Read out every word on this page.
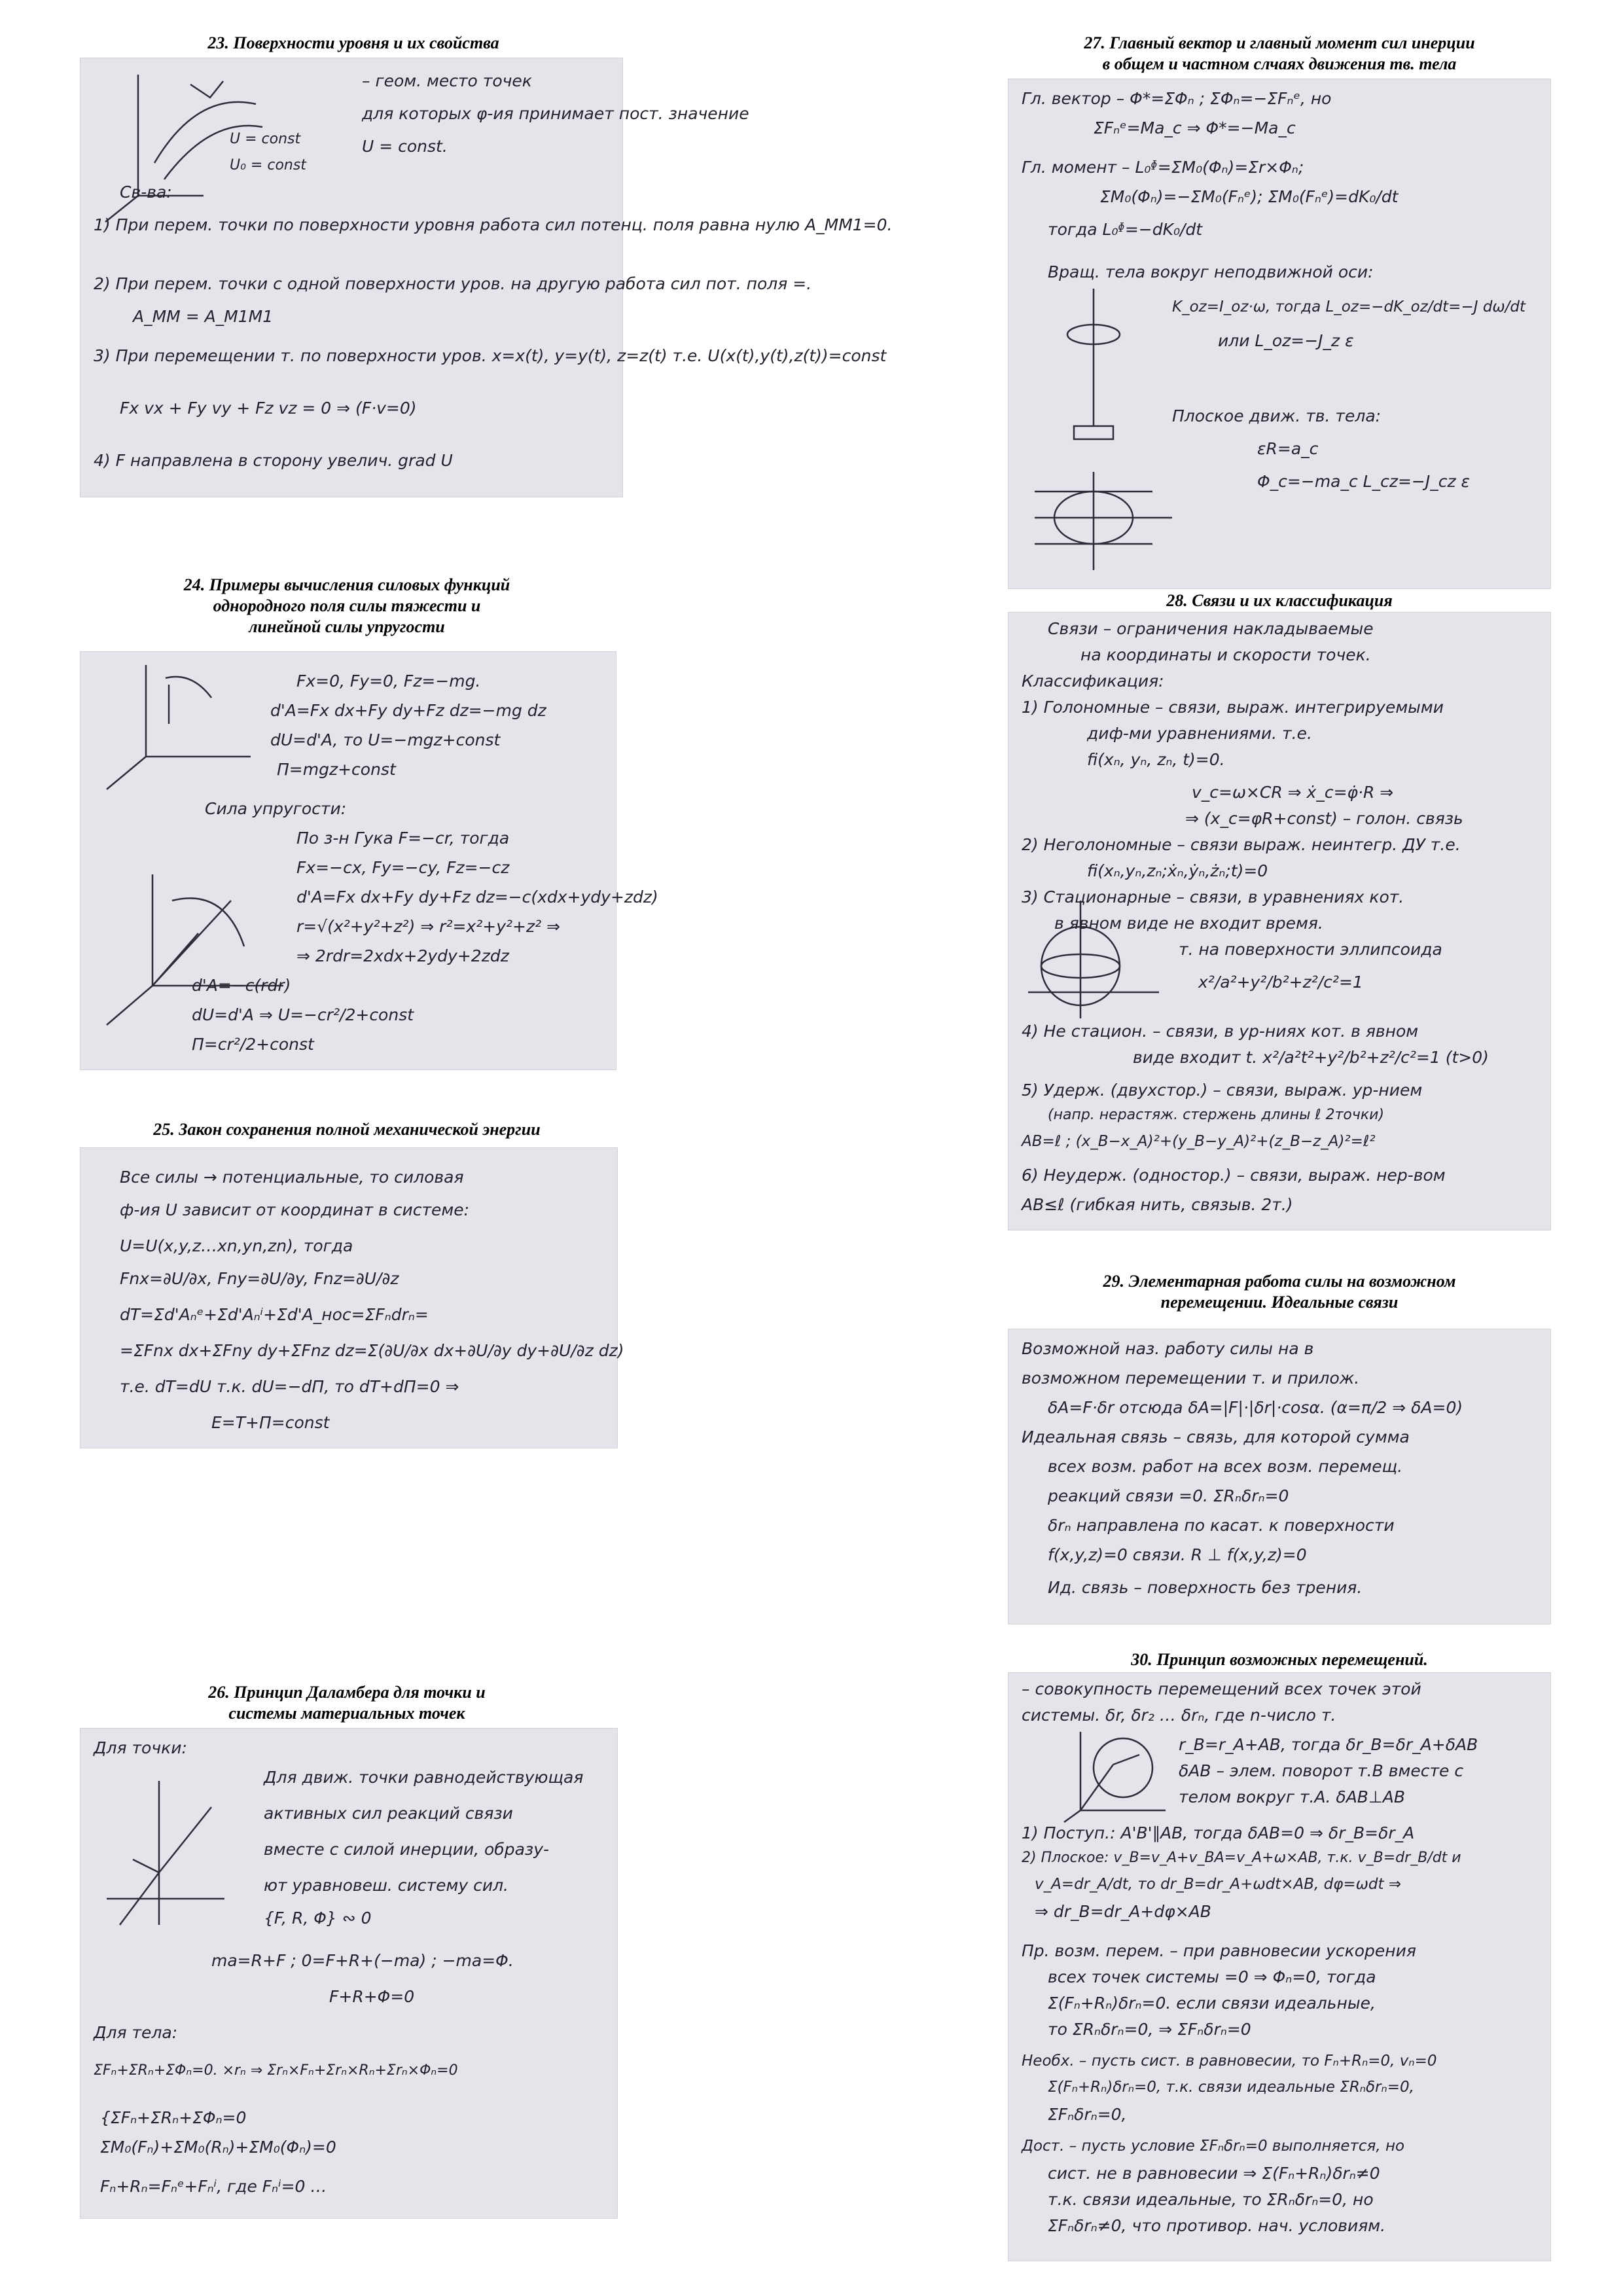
23. Поверхности уровня и их свойства
U = const
U₀ = const
– геом. место точек
для которых φ-ия принимает пост. значение
U = const.
Св-ва:
1) При перем. точки по поверхности уровня работа сил потенц. поля равна нулю A_MM1=0.
2) При перем. точки с одной поверхности уров. на другую работа сил пот. поля =.
A_MM = A_M1M1
3) При перемещении т. по поверхности уров. x=x(t), y=y(t), z=z(t) т.е. U(x(t),y(t),z(t))=const
Fx vx + Fy vy + Fz vz = 0 ⇒ (F·v=0)
4) F направлена в сторону увелич. grad U
24. Примеры вычисления силовых функций
однородного поля силы тяжести и
линейной силы упругости
Fx=0, Fy=0, Fz=−mg.
d'A=Fx dx+Fy dy+Fz dz=−mg dz
dU=d'A, то U=−mgz+const
Π=mgz+const
Сила упругости:
По з-н Гука F=−cr, тогда
Fx=−cx, Fy=−cy, Fz=−cz
d'A=Fx dx+Fy dy+Fz dz=−c(xdx+ydy+zdz)
r=√(x²+y²+z²) ⇒ r²=x²+y²+z² ⇒
⇒ 2rdr=2xdx+2ydy+2zdz
d'A=−c(rdr)
dU=d'A ⇒ U=−cr²/2+const
Π=cr²/2+const
25. Закон сохранения полной механической энергии
Все силы → потенциальные, то силовая
ф-ия U зависит от координат в системе:
U=U(x,y,z…xn,yn,zn), тогда
Fnx=∂U/∂x, Fny=∂U/∂y, Fnz=∂U/∂z
dT=Σd'Aₙᵉ+Σd'Aₙⁱ+Σd'A_нос=ΣFₙdrₙ=
=ΣFnx dx+ΣFny dy+ΣFnz dz=Σ(∂U/∂x dx+∂U/∂y dy+∂U/∂z dz)
т.е. dT=dU т.к. dU=−dΠ, то dT+dΠ=0 ⇒
E=T+Π=const
26. Принцип Даламбера для точки и
системы материальных точек
Для точки:
Для движ. точки равнодействующая
активных сил реакций связи
вместе с силой инерции, образу-
ют уравновеш. систему сил.
{F, R, Φ} ∾ 0
ma=R+F ; 0=F+R+(−ma) ; −ma=Φ.
F+R+Φ=0
Для тела:
ΣFₙ+ΣRₙ+ΣΦₙ=0. ×rₙ ⇒ Σrₙ×Fₙ+Σrₙ×Rₙ+Σrₙ×Φₙ=0
{ΣFₙ+ΣRₙ+ΣΦₙ=0
ΣM₀(Fₙ)+ΣM₀(Rₙ)+ΣM₀(Φₙ)=0
Fₙ+Rₙ=Fₙᵉ+Fₙⁱ, где Fₙⁱ=0 …
27. Главный вектор и главный момент сил инерции
в общем и частном слчаях движения тв. тела
Гл. вектор – Φ*=ΣΦₙ ; ΣΦₙ=−ΣFₙᵉ, но
ΣFₙᵉ=Ma_c ⇒ Φ*=−Ma_c
Гл. момент – L₀ᶲ=ΣM₀(Φₙ)=Σr×Φₙ;
ΣM₀(Φₙ)=−ΣM₀(Fₙᵉ); ΣM₀(Fₙᵉ)=dK₀/dt
тогда L₀ᶲ=−dK₀/dt
Вращ. тела вокруг неподвижной оси:
K_oz=I_oz·ω, тогда L_oz=−dK_oz/dt=−J dω/dt
или L_oz=−J_z ε
Плоское движ. тв. тела:
εR=a_c
Φ_c=−ma_c L_cz=−J_cz ε
28. Связи и их классификация
Связи – ограничения накладываемые
на координаты и скорости точек.
Классификация:
1) Голономные – связи, выраж. интегрируемыми
диф-ми уравнениями. т.е.
fi(xₙ, yₙ, zₙ, t)=0.
v_c=ω×CR ⇒ ẋ_c=φ̇·R ⇒
⇒ (x_c=φR+const) – голон. связь
2) Неголономные – связи выраж. неинтегр. ДУ т.е.
fi(xₙ,yₙ,zₙ;ẋₙ,ẏₙ,żₙ;t)=0
3) Стационарные – связи, в уравнениях кот.
в явном виде не входит время.
т. на поверхности эллипсоида
x²/a²+y²/b²+z²/c²=1
4) Не стацион. – связи, в ур-ниях кот. в явном
виде входит t. x²/a²t²+y²/b²+z²/c²=1 (t>0)
5) Удерж. (двухстор.) – связи, выраж. ур-нием
(напр. нерастяж. стержень длины ℓ 2точки)
AB=ℓ ; (x_B−x_A)²+(y_B−y_A)²+(z_B−z_A)²=ℓ²
6) Неудерж. (одностор.) – связи, выраж. нер-вом
AB≤ℓ (гибкая нить, связыв. 2т.)
29. Элементарная работа силы на возможном
перемещении. Идеальные связи
Возможной наз. работу силы на в
возможном перемещении т. и прилож.
δA=F·δr отсюда δA=|F|·|δr|·cosα. (α=π/2 ⇒ δA=0)
Идеальная связь – связь, для которой сумма
всех возм. работ на всех возм. перемещ.
реакций связи =0. ΣRₙδrₙ=0
δrₙ направлена по касат. к поверхности
f(x,y,z)=0 связи. R ⊥ f(x,y,z)=0
Ид. связь – поверхность без трения.
30. Принцип возможных перемещений.
– совокупность перемещений всех точек этой
системы. δr, δr₂ … δrₙ, где n-число т.
r_B=r_A+AB, тогда δr_B=δr_A+δAB
δAB – элем. поворот т.В вместе с
телом вокруг т.А. δAB⊥AB
1) Поступ.: A'B'∥AB, тогда δAB=0 ⇒ δr_B=δr_A
2) Плоское: v_B=v_A+v_BA=v_A+ω×AB, т.к. v_B=dr_B/dt и
v_A=dr_A/dt, то dr_B=dr_A+ωdt×AB, dφ=ωdt ⇒
⇒ dr_B=dr_A+dφ×AB
Пр. возм. перем. – при равновесии ускорения
всех точек системы =0 ⇒ Φₙ=0, тогда
Σ(Fₙ+Rₙ)δrₙ=0. если связи идеальные,
то ΣRₙδrₙ=0, ⇒ ΣFₙδrₙ=0
Необх. – пусть сист. в равновесии, то Fₙ+Rₙ=0, vₙ=0
Σ(Fₙ+Rₙ)δrₙ=0, т.к. связи идеальные ΣRₙδrₙ=0,
ΣFₙδrₙ=0,
Дост. – пусть условие ΣFₙδrₙ=0 выполняется, но
сист. не в равновесии ⇒ Σ(Fₙ+Rₙ)δrₙ≠0
т.к. связи идеальные, то ΣRₙδrₙ=0, но
ΣFₙδrₙ≠0, что противор. нач. условиям.
